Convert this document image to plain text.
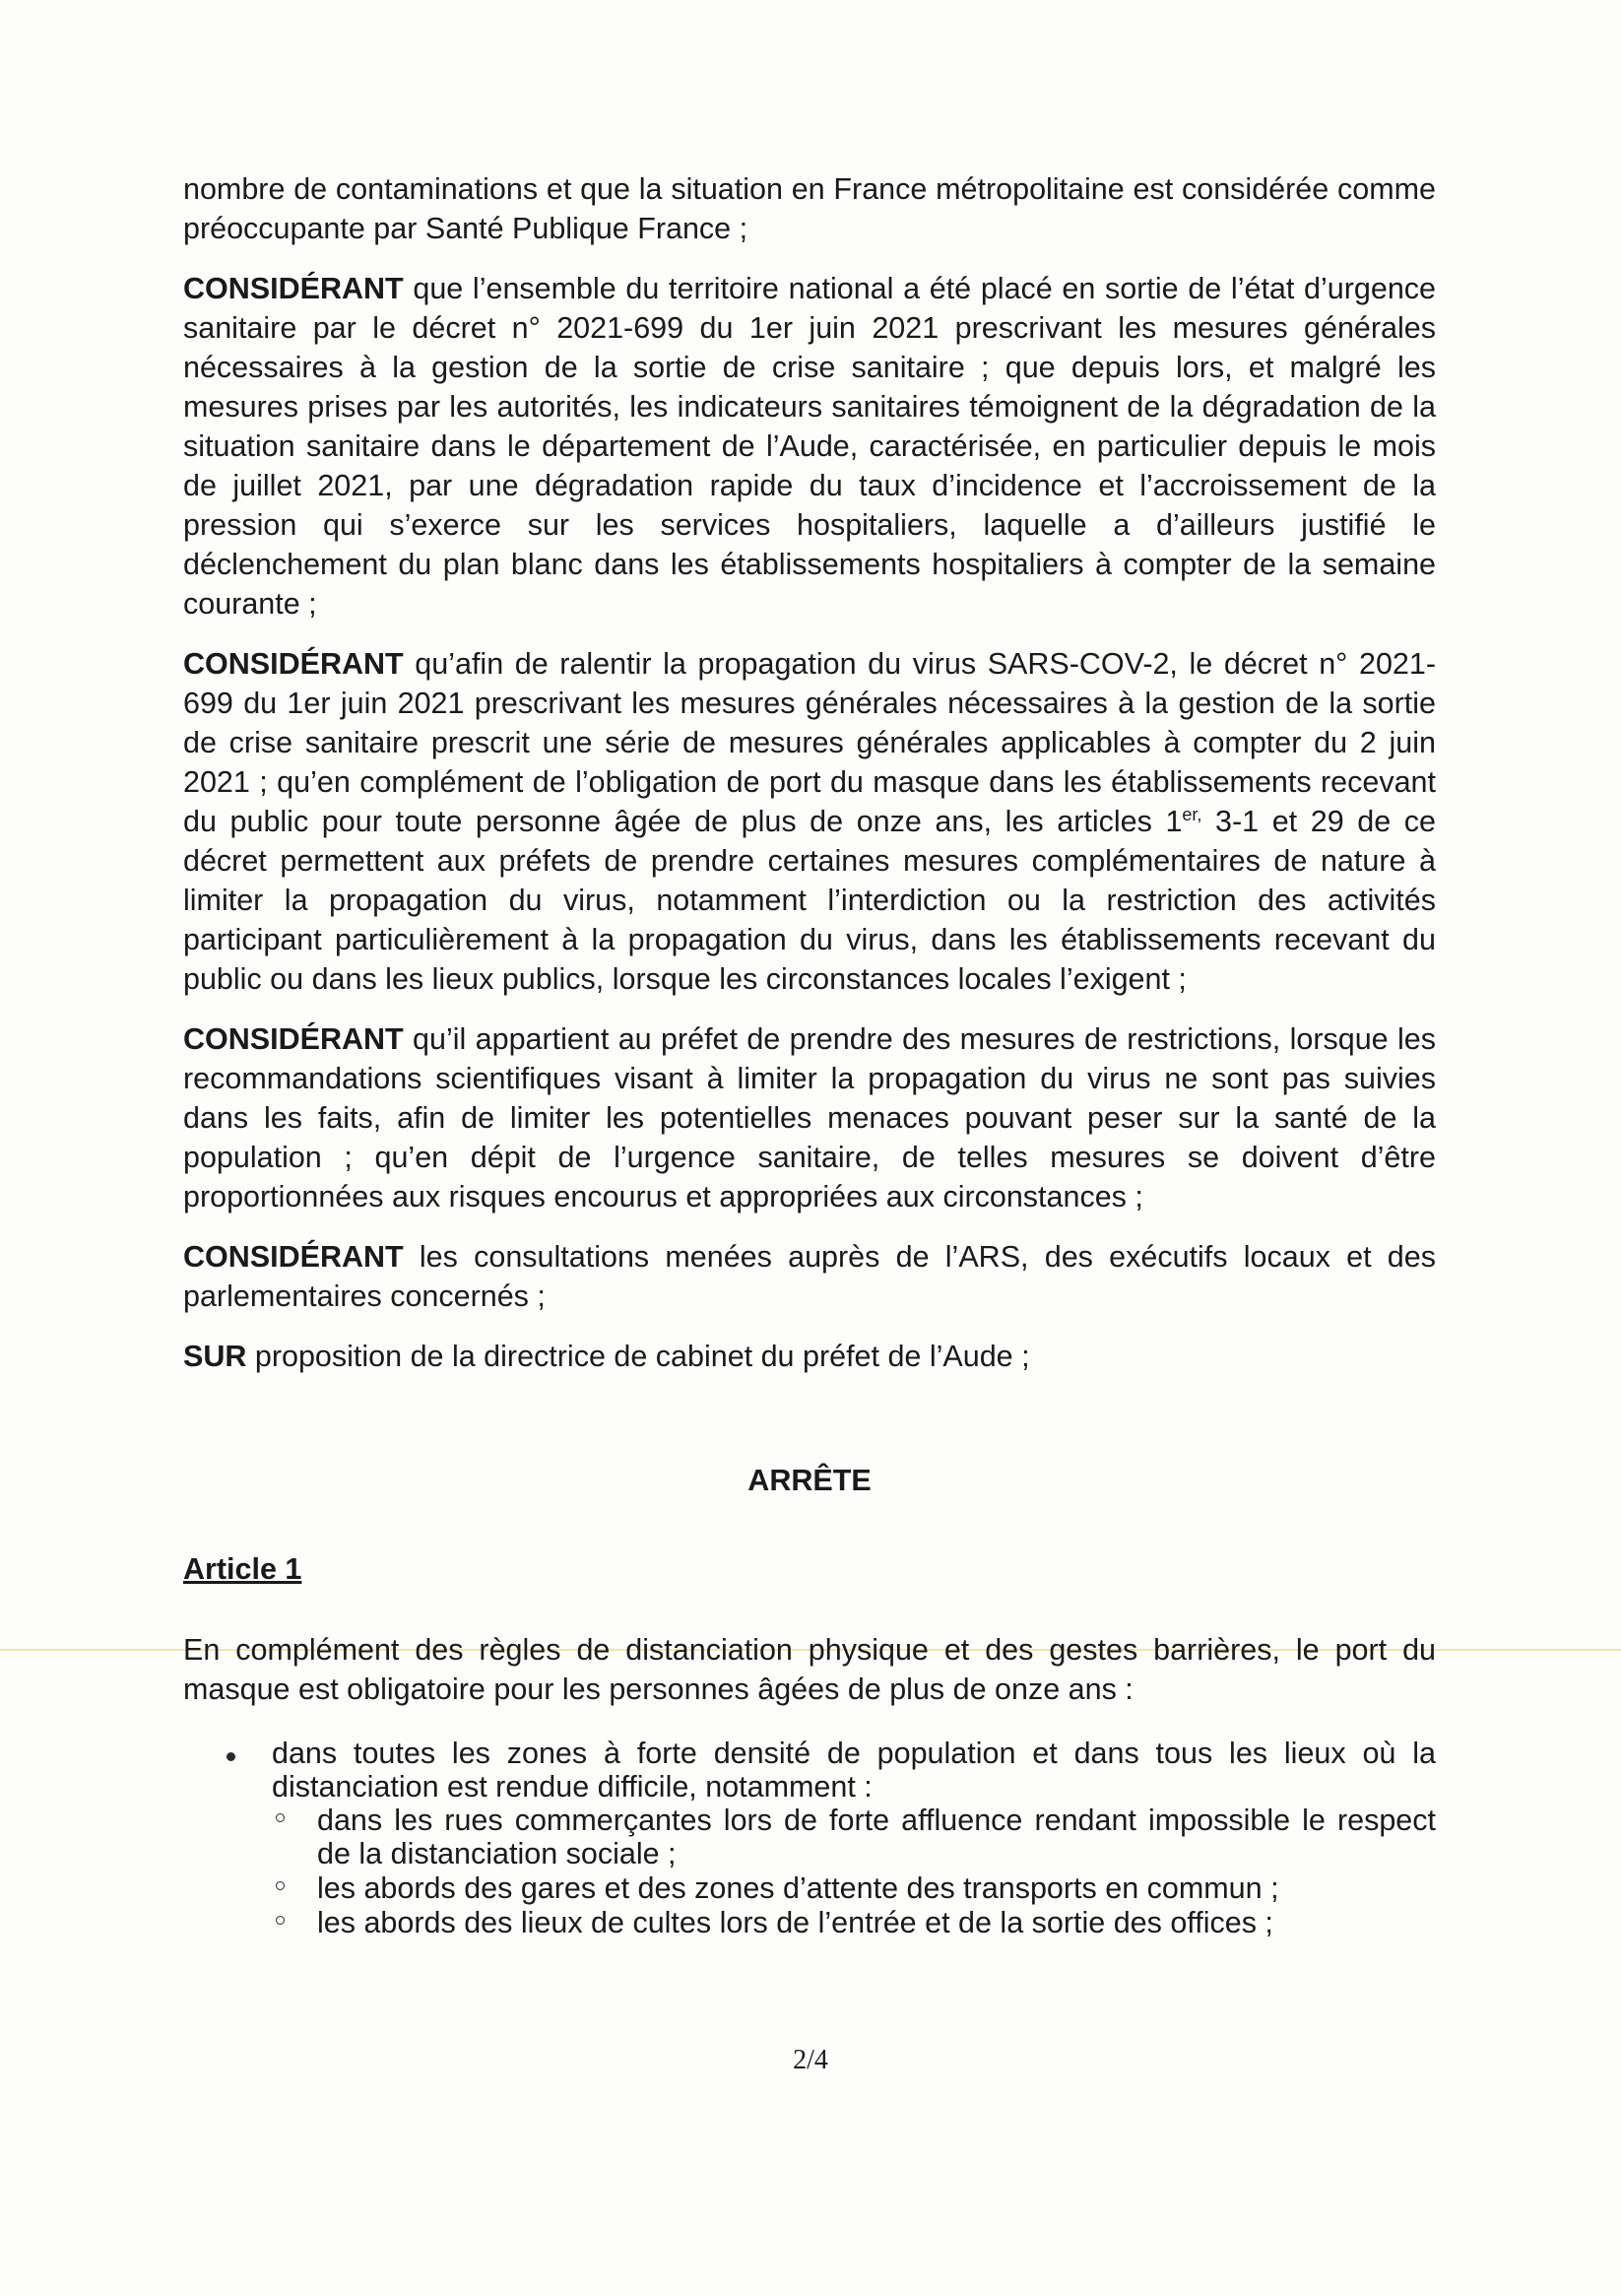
nombre de contaminations et que la situation en France métropolitaine est considérée comme préoccupante par Santé Publique France ;

CONSIDÉRANT que l’ensemble du territoire national a été placé en sortie de l’état d’urgence sanitaire par le décret n° 2021-699 du 1er juin 2021 prescrivant les mesures générales nécessaires à la gestion de la sortie de crise sanitaire ; que depuis lors, et malgré les mesures prises par les autorités, les indicateurs sanitaires témoignent de la dégradation de la situation sanitaire dans le département de l’Aude, caractérisée, en particulier depuis le mois de juillet 2021, par une dégradation rapide du taux d’incidence et l’accroissement de la pression qui s’exerce sur les services hospitaliers, laquelle a d’ailleurs justifié le déclenchement du plan blanc dans les établissements hospitaliers à compter de la semaine courante ;

CONSIDÉRANT qu’afin de ralentir la propagation du virus SARS-COV-2, le décret n° 2021-699 du 1er juin 2021 prescrivant les mesures générales nécessaires à la gestion de la sortie de crise sanitaire prescrit une série de mesures générales applicables à compter du 2 juin 2021 ; qu’en complément de l’obligation de port du masque dans les établissements recevant du public pour toute personne âgée de plus de onze ans, les articles $1^{er,}$ 3-1 et 29 de ce décret permettent aux préfets de prendre certaines mesures complémentaires de nature à limiter la propagation du virus, notamment l’interdiction ou la restriction des activités participant particulièrement à la propagation du virus, dans les établissements recevant du public ou dans les lieux publics, lorsque les circonstances locales l’exigent ;

CONSIDÉRANT qu’il appartient au préfet de prendre des mesures de restrictions, lorsque les recommandations scientifiques visant à limiter la propagation du virus ne sont pas suivies dans les faits, afin de limiter les potentielles menaces pouvant peser sur la santé de la population ; qu’en dépit de l’urgence sanitaire, de telles mesures se doivent d’être proportionnées aux risques encourus et appropriées aux circonstances ;

CONSIDÉRANT les consultations menées auprès de l’ARS, des exécutifs locaux et des parlementaires concernés ;

SUR proposition de la directrice de cabinet du préfet de l’Aude ;

ARRÊTE
Article 1

En complément des règles de distanciation physique et des gestes barrières, le port du masque est obligatoire pour les personnes âgées de plus de onze ans :

dans toutes les zones à forte densité de population et dans tous les lieux où la distanciation est rendue difficile, notamment :
dans les rues commerçantes lors de forte affluence rendant impossible le respect de la distanciation sociale ;
les abords des gares et des zones d’attente des transports en commun ;
les abords des lieux de cultes lors de l’entrée et de la sortie des offices ;
2/4
